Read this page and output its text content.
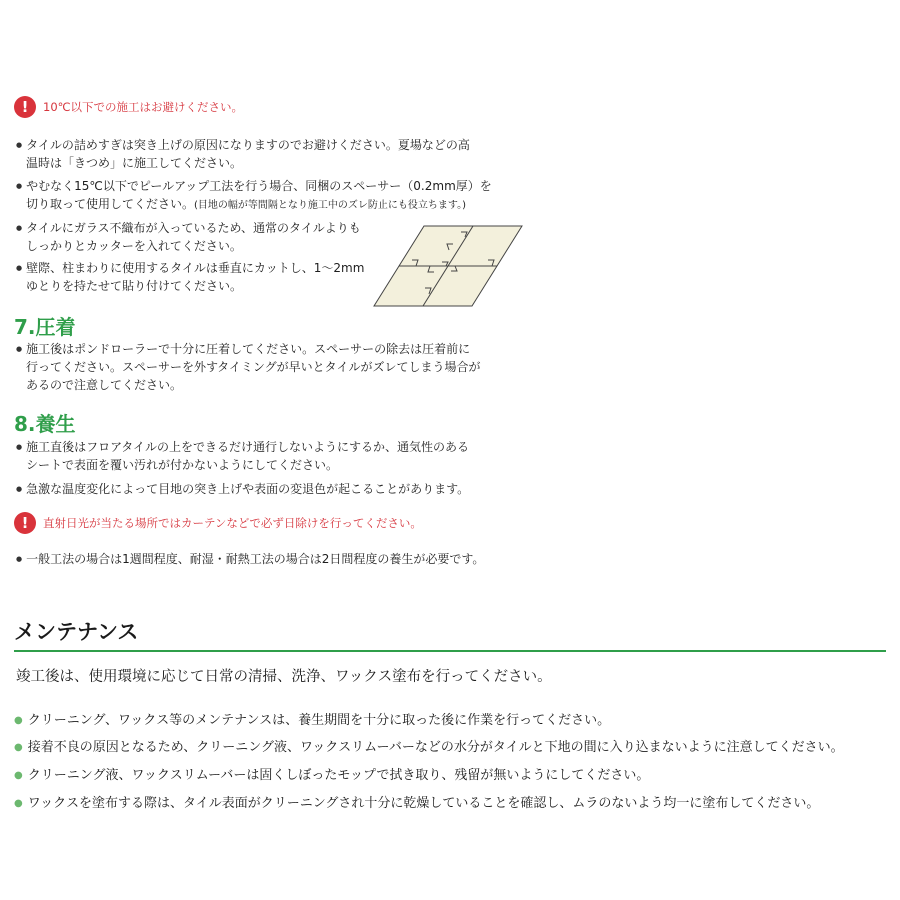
!	10℃以下での施工はお避けください。
● タイルの詰めすぎは突き上げの原因になりますのでお避けください。夏場などの高
温時は「きつめ」に施工してください。
● やむなく15℃以下でピールアップ工法を行う場合、同梱のスペーサー（0.2mm厚）を
切り取って使用してください。(目地の幅が等間隔となり施工中のズレ防止にも役立ちます。)
● タイルにガラス不織布が入っているため、通常のタイルよりも
しっかりとカッターを入れてください。
● 壁際、柱まわりに使用するタイルは垂直にカットし、1〜2mm
ゆとりを持たせて貼り付けてください。
7.圧着
● 施工後はポンドローラーで十分に圧着してください。スペーサーの除去は圧着前に
行ってください。スペーサーを外すタイミングが早いとタイルがズレてしまう場合が
あるので注意してください。
8.養生
● 施工直後はフロアタイルの上をできるだけ通行しないようにするか、通気性のある
シートで表面を覆い汚れが付かないようにしてください。
● 急激な温度変化によって目地の突き上げや表面の変退色が起こることがあります。
!	直射日光が当たる場所ではカーテンなどで必ず日除けを行ってください。
● 一般工法の場合は1週間程度、耐湿・耐熱工法の場合は2日間程度の養生が必要です。
メンテナンス
竣工後は、使用環境に応じて日常の清掃、洗浄、ワックス塗布を行ってください。
● クリーニング、ワックス等のメンテナンスは、養生期間を十分に取った後に作業を行ってください。
● 接着不良の原因となるため、クリーニング液、ワックスリムーバーなどの水分がタイルと下地の間に入り込まないように注意してください。
● クリーニング液、ワックスリムーバーは固くしぼったモップで拭き取り、残留が無いようにしてください。
● ワックスを塗布する際は、タイル表面がクリーニングされ十分に乾燥していることを確認し、ムラのないよう均一に塗布してください。
